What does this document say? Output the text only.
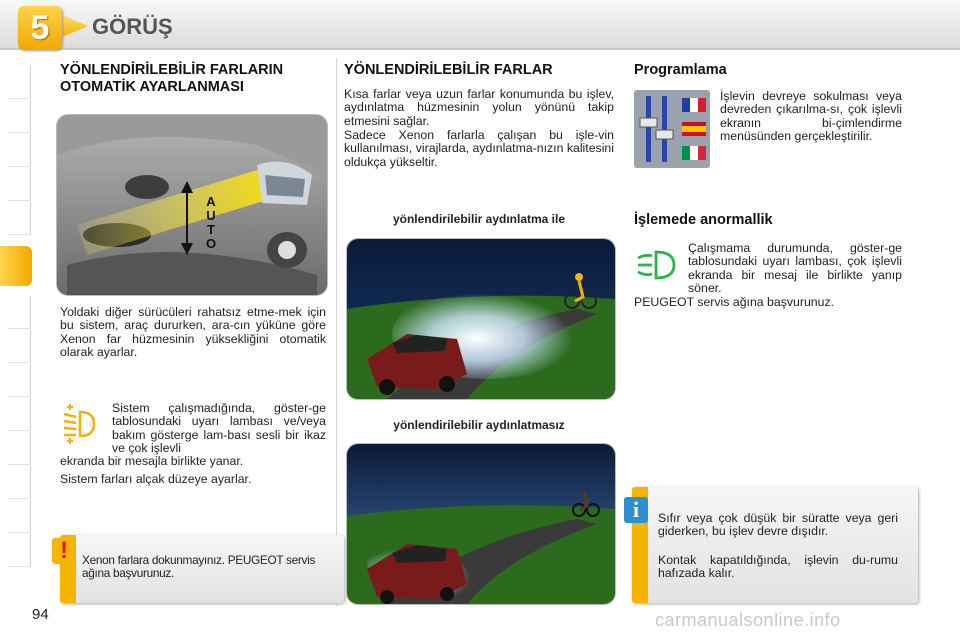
5	GÖRÜŞ
YÖNLENDİRİLEBİLİR FARLARIN OTOMATİK AYARLANMASI
AUTO

Yoldaki diğer sürücüleri rahatsız etme-mek için bu sistem, araç dururken, ara-cın yüküne göre Xenon far hüzmesinin yüksekliğini otomatik olarak ayarlar.

Sistem çalışmadığında, göster-ge tablosundaki uyarı lambası ve/veya bakım gösterge lam-bası sesli bir ikaz ve çok işlevli

ekranda bir mesajla birlikte yanar.

Sistem farları alçak düzeye ayarlar.

!	Xenon farlara dokunmayınız. PEUGEOT servis ağına başvurunuz.

YÖNLENDİRİLEBİLİR FARLAR

Kısa farlar veya uzun farlar konumunda bu işlev, aydınlatma hüzmesinin yolun yönünü takip etmesini sağlar.

Sadece Xenon farlarla çalışan bu işle-vin kullanılması, virajlarda, aydınlatma-nızın kalitesini oldukça yükseltir.

yönlendirilebilir aydınlatma ile
yönlendirilebilir aydınlatmasız
Programlama

İşlevin devreye sokulması veya devreden çıkarılma-sı, çok işlevli ekranın bi-çimlendirme menüsünden gerçekleştirilir.

İşlemede anormallik

Çalışmama durumunda, göster-ge tablosundaki uyarı lambası, çok işlevli ekranda bir mesaj ile birlikte yanıp söner.

PEUGEOT servis ağına başvurunuz.

i	Sıfır veya çok düşük bir süratte veya geri giderken, bu işlev devre dışıdır.

Kontak kapatıldığında, işlevin du-rumu hafızada kalır.

94	carmanualsonline.info
